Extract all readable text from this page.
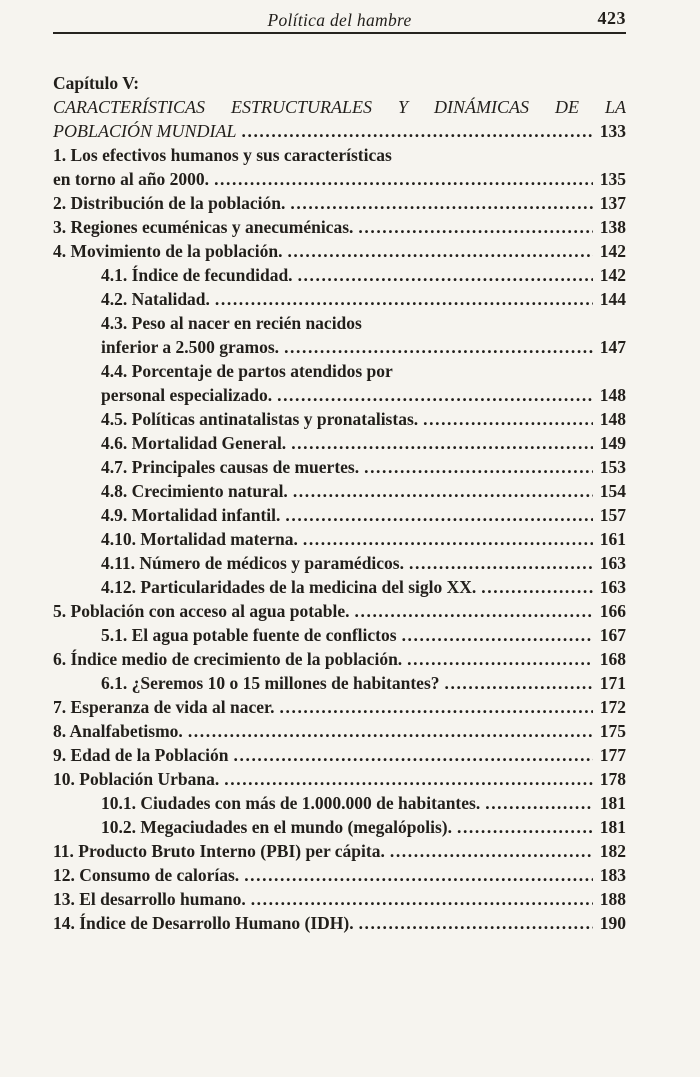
Política del hambre	423
Capítulo V:
CARACTERÍSTICAS ESTRUCTURALES Y DINÁMICAS DE LA
POBLACIÓN MUNDIAL .....	133
1. Los efectivos humanos y sus características
en torno al año 2000. .....	135
2. Distribución de la población. .....	137
3. Regiones ecuménicas y anecuménicas. .....	138
4. Movimiento de la población. .....	142
4.1. Índice de fecundidad. .....	142
4.2. Natalidad. .....	144
4.3. Peso al nacer en recién nacidos
inferior a 2.500 gramos. .....	147
4.4. Porcentaje de partos atendidos por
personal especializado. .....	148
4.5. Políticas antinatalistas y pronatalistas. .....	148
4.6. Mortalidad General. .....	149
4.7. Principales causas de muertes. .....	153
4.8. Crecimiento natural. .....	154
4.9. Mortalidad infantil. .....	157
4.10. Mortalidad materna. .....	161
4.11. Número de médicos y paramédicos. .....	163
4.12. Particularidades de la medicina del siglo XX. .....	163
5. Población con acceso al agua potable. .....	166
5.1. El agua potable fuente de conflictos .....	167
6. Índice medio de crecimiento de la población. .....	168
6.1. ¿Seremos 10 o 15 millones de habitantes? .....	171
7. Esperanza de vida al nacer. .....	172
8. Analfabetismo. .....	175
9. Edad de la Población .....	177
10. Población Urbana. .....	178
10.1. Ciudades con más de 1.000.000 de habitantes. .....	181
10.2. Megaciudades en el mundo (megalópolis). .....	181
11. Producto Bruto Interno (PBI) per cápita. .....	182
12. Consumo de calorías. .....	183
13. El desarrollo humano. .....	188
14. Índice de Desarrollo Humano (IDH). .....	190
